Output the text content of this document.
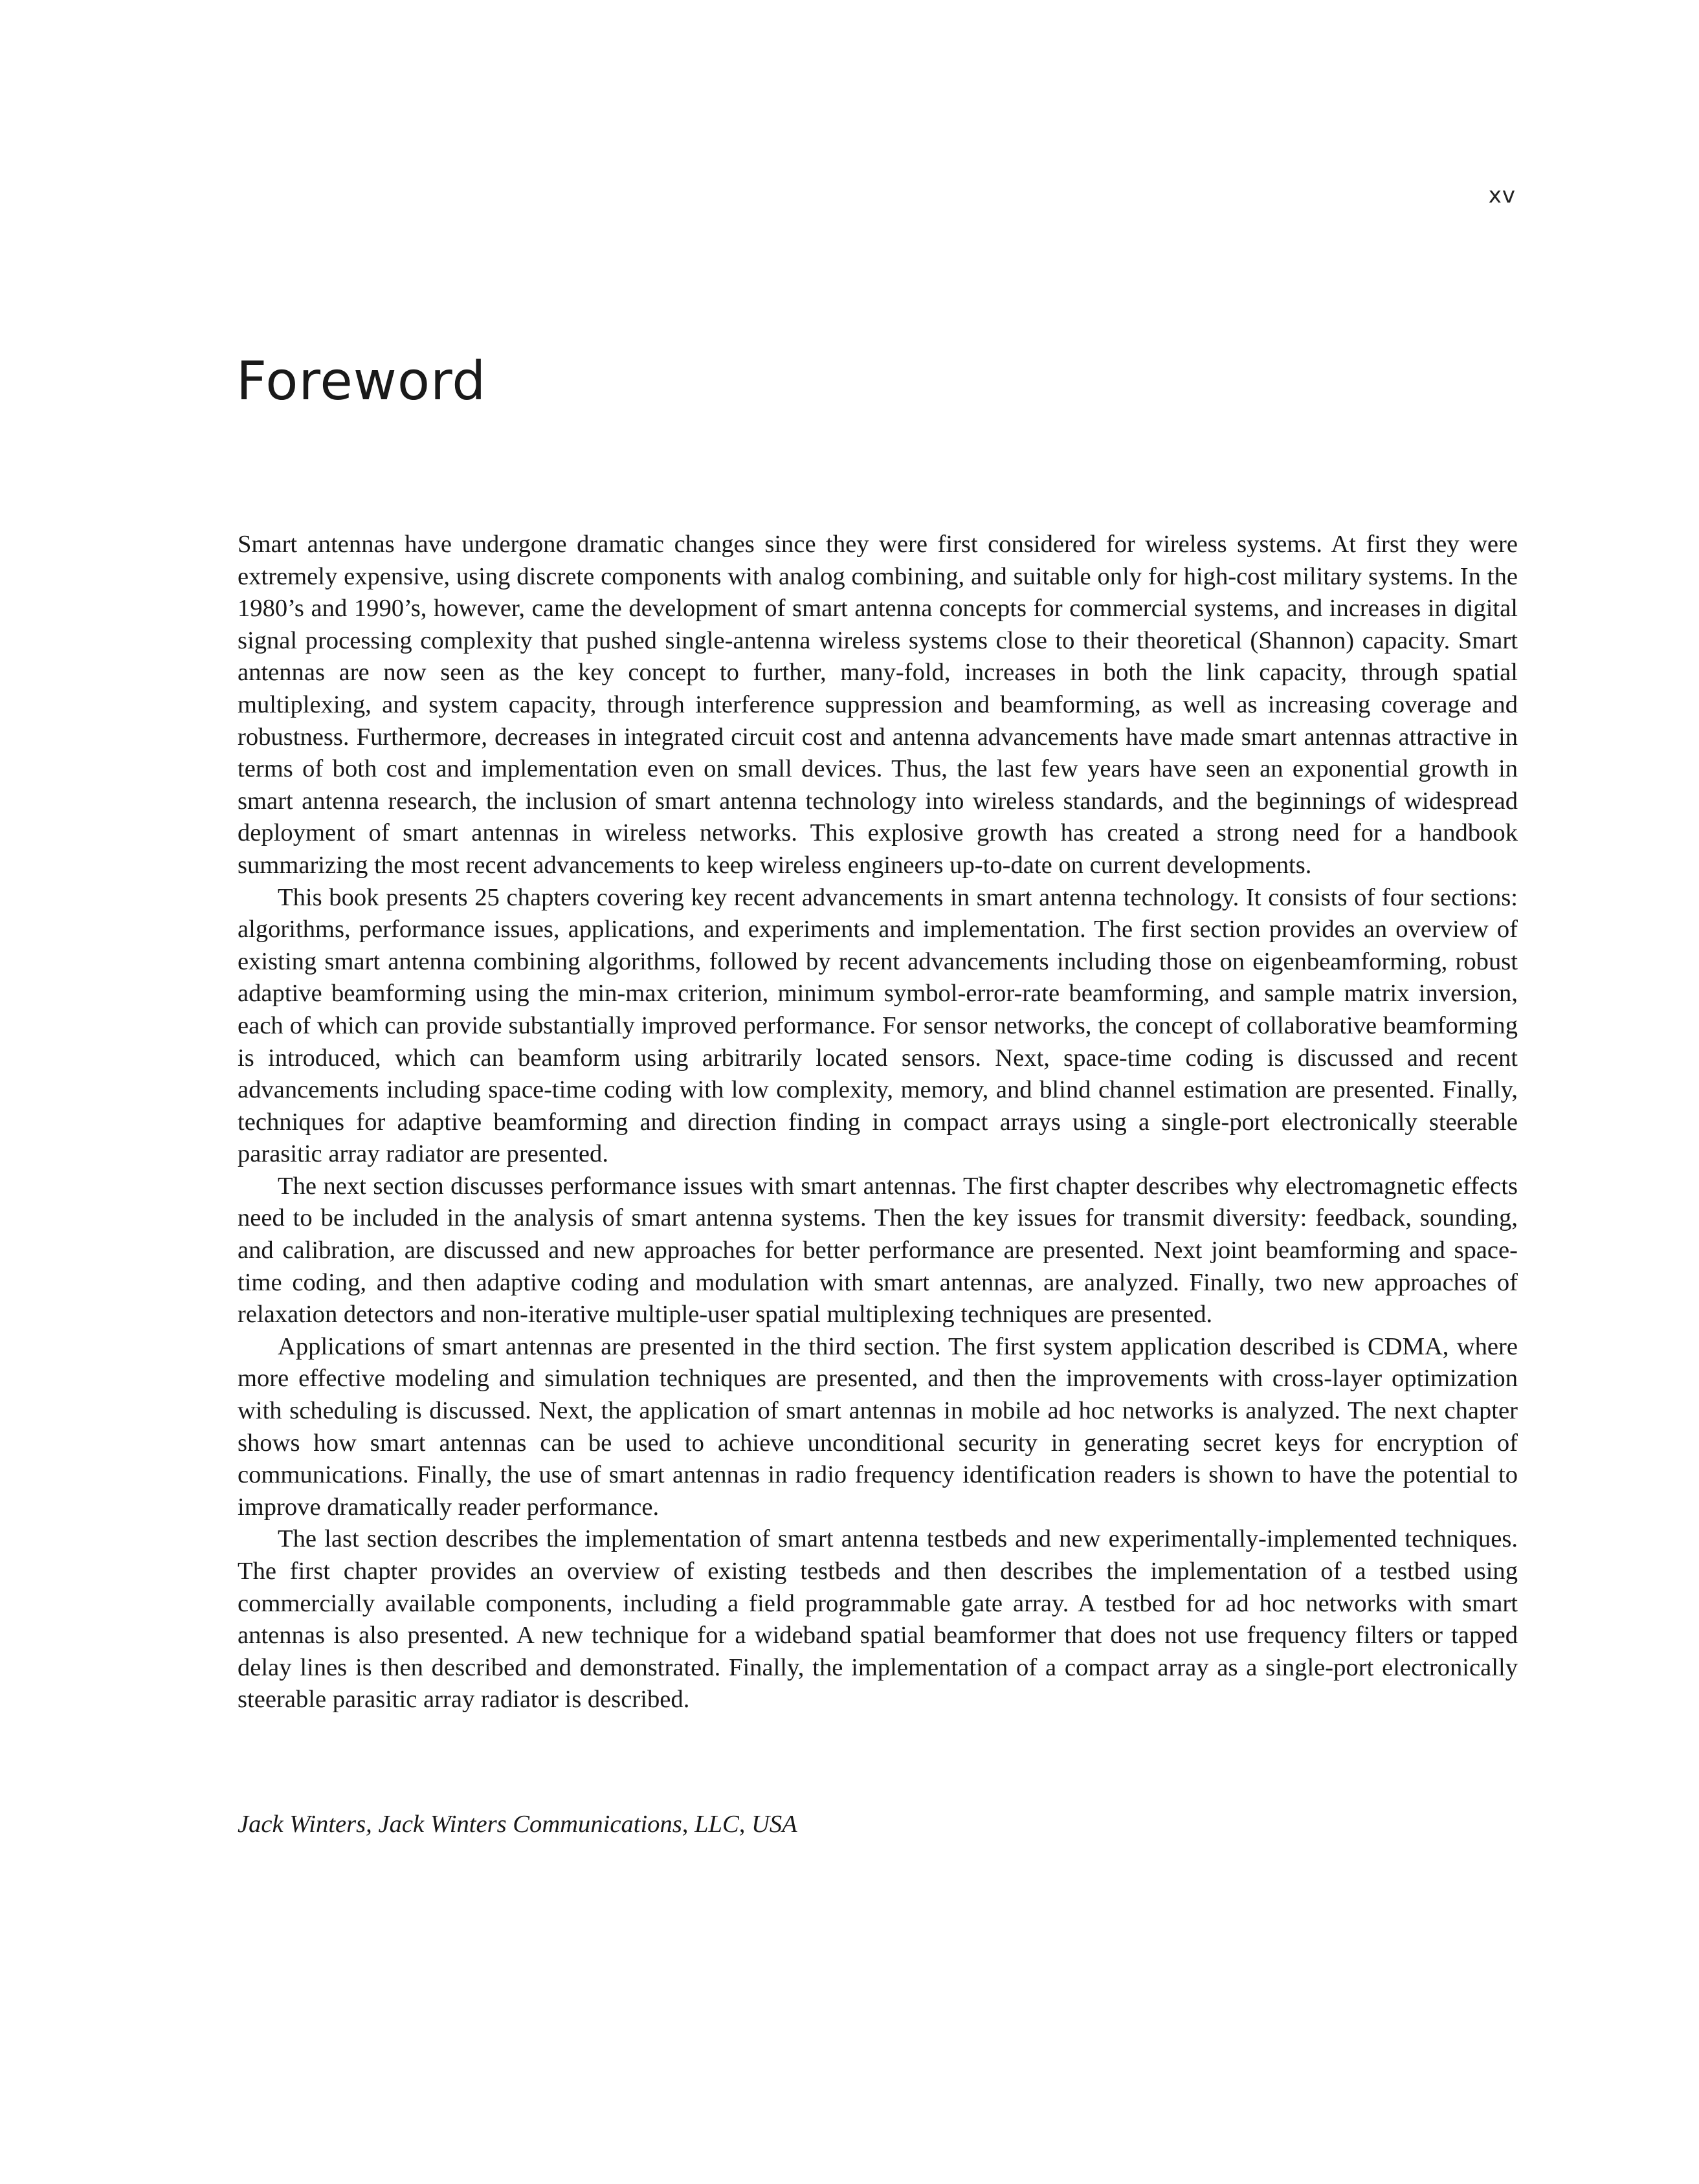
xv
Foreword

Smart antennas have undergone dramatic changes since they were first considered for wireless systems. At first they were extremely expensive, using discrete components with analog combining, and suitable only for high-cost military systems. In the 1980’s and 1990’s, however, came the development of smart antenna concepts for commercial systems, and increases in digital signal processing complexity that pushed single-antenna wireless systems close to their theoretical (Shannon) capacity. Smart antennas are now seen as the key concept to further, many-fold, increases in both the link capacity, through spatial multiplexing, and system capacity, through interference suppression and beamforming, as well as increasing coverage and robustness. Furthermore, decreases in integrated circuit cost and antenna advancements have made smart antennas attractive in terms of both cost and implementation even on small devices. Thus, the last few years have seen an exponential growth in smart antenna research, the inclusion of smart antenna technology into wireless standards, and the beginnings of widespread deployment of smart antennas in wireless networks. This explosive growth has created a strong need for a handbook summarizing the most recent advancements to keep wireless engineers up-to-date on current developments.

This book presents 25 chapters covering key recent advancements in smart antenna technology. It consists of four sections: algorithms, performance issues, applications, and experiments and implementation. The first section provides an overview of existing smart antenna combining algorithms, followed by recent advancements including those on eigenbeamforming, robust adaptive beamforming using the min-max criterion, minimum symbol-error-rate beamforming, and sample matrix inversion, each of which can provide substantially improved performance. For sensor networks, the concept of collaborative beamforming is introduced, which can beamform using arbitrarily located sensors. Next, space-time coding is discussed and recent advancements including space-time coding with low complexity, memory, and blind channel estimation are presented. Finally, techniques for adaptive beamforming and direction finding in compact arrays using a single-port electronically steerable parasitic array radiator are presented.

The next section discusses performance issues with smart antennas. The first chapter describes why electromagnetic effects need to be included in the analysis of smart antenna systems. Then the key issues for transmit diversity: feedback, sounding, and calibration, are discussed and new approaches for better performance are presented. Next joint beamforming and space-time coding, and then adaptive coding and modulation with smart antennas, are analyzed. Finally, two new approaches of relaxation detectors and non-iterative multiple-user spatial multiplexing techniques are presented.

Applications of smart antennas are presented in the third section. The first system application described is CDMA, where more effective modeling and simulation techniques are presented, and then the improvements with cross-layer optimization with scheduling is discussed. Next, the application of smart antennas in mobile ad hoc networks is analyzed. The next chapter shows how smart antennas can be used to achieve unconditional security in generating secret keys for encryption of communications. Finally, the use of smart antennas in radio frequency identification readers is shown to have the potential to improve dramatically reader performance.

The last section describes the implementation of smart antenna testbeds and new experimentally-implemented techniques. The first chapter provides an overview of existing testbeds and then describes the implementation of a testbed using commercially available components, including a field programmable gate array. A testbed for ad hoc networks with smart antennas is also presented. A new technique for a wideband spatial beamformer that does not use frequency filters or tapped delay lines is then described and demonstrated. Finally, the implementation of a compact array as a single-port electronically steerable parasitic array radiator is described.

Jack Winters, Jack Winters Communications, LLC, USA
